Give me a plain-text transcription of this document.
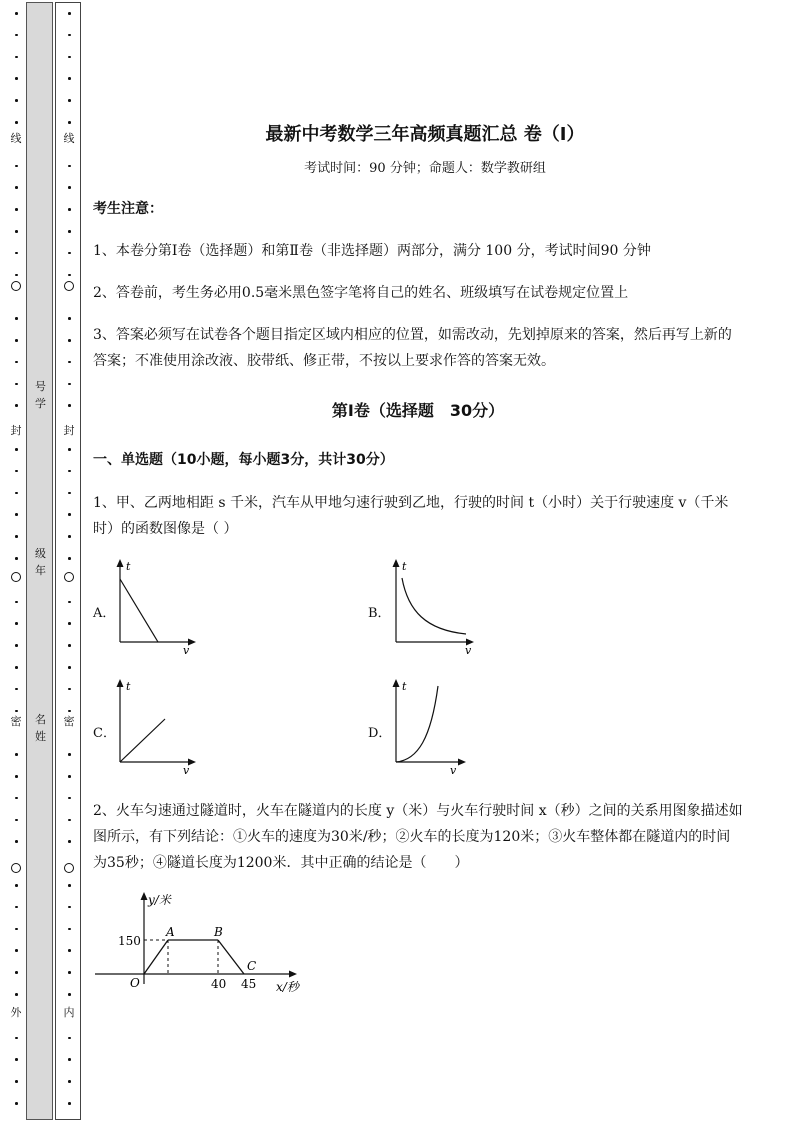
线
封
密
外
号
学
级
年
名
姓
线
封
密
内
最新中考数学三年高频真题汇总 卷（Ⅰ）
考试时间：90 分钟；命题人：数学教研组
考生注意：
1、本卷分第Ⅰ卷（选择题）和第Ⅱ卷（非选择题）两部分，满分 100 分，考试时间90 分钟
2、答卷前，考生务必用0.5毫米黑色签字笔将自己的姓名、班级填写在试卷规定位置上
3、答案必须写在试卷各个题目指定区域内相应的位置，如需改动，先划掉原来的答案，然后再写上新的答案；不准使用涂改液、胶带纸、修正带，不按以上要求作答的答案无效。
第Ⅰ卷（选择题　30分）
一、单选题（10小题，每小题3分，共计30分）
1、甲、乙两地相距 s 千米，汽车从甲地匀速行驶到乙地，行驶的时间 t（小时）关于行驶速度 v（千米时）的函数图像是（ ）
A．
t
v
B．
t
v
C．
t
v
D．
t
v
2、火车匀速通过隧道时，火车在隧道内的长度 y（米）与火车行驶时间 x（秒）之间的关系用图象描述如图所示，有下列结论：①火车的速度为30米/秒；②火车的长度为120米；③火车整体都在隧道内的时间为35秒；④隧道长度为1200米．其中正确的结论是（　　）
y/米
x/秒
O
150
40 45
A	B
C
